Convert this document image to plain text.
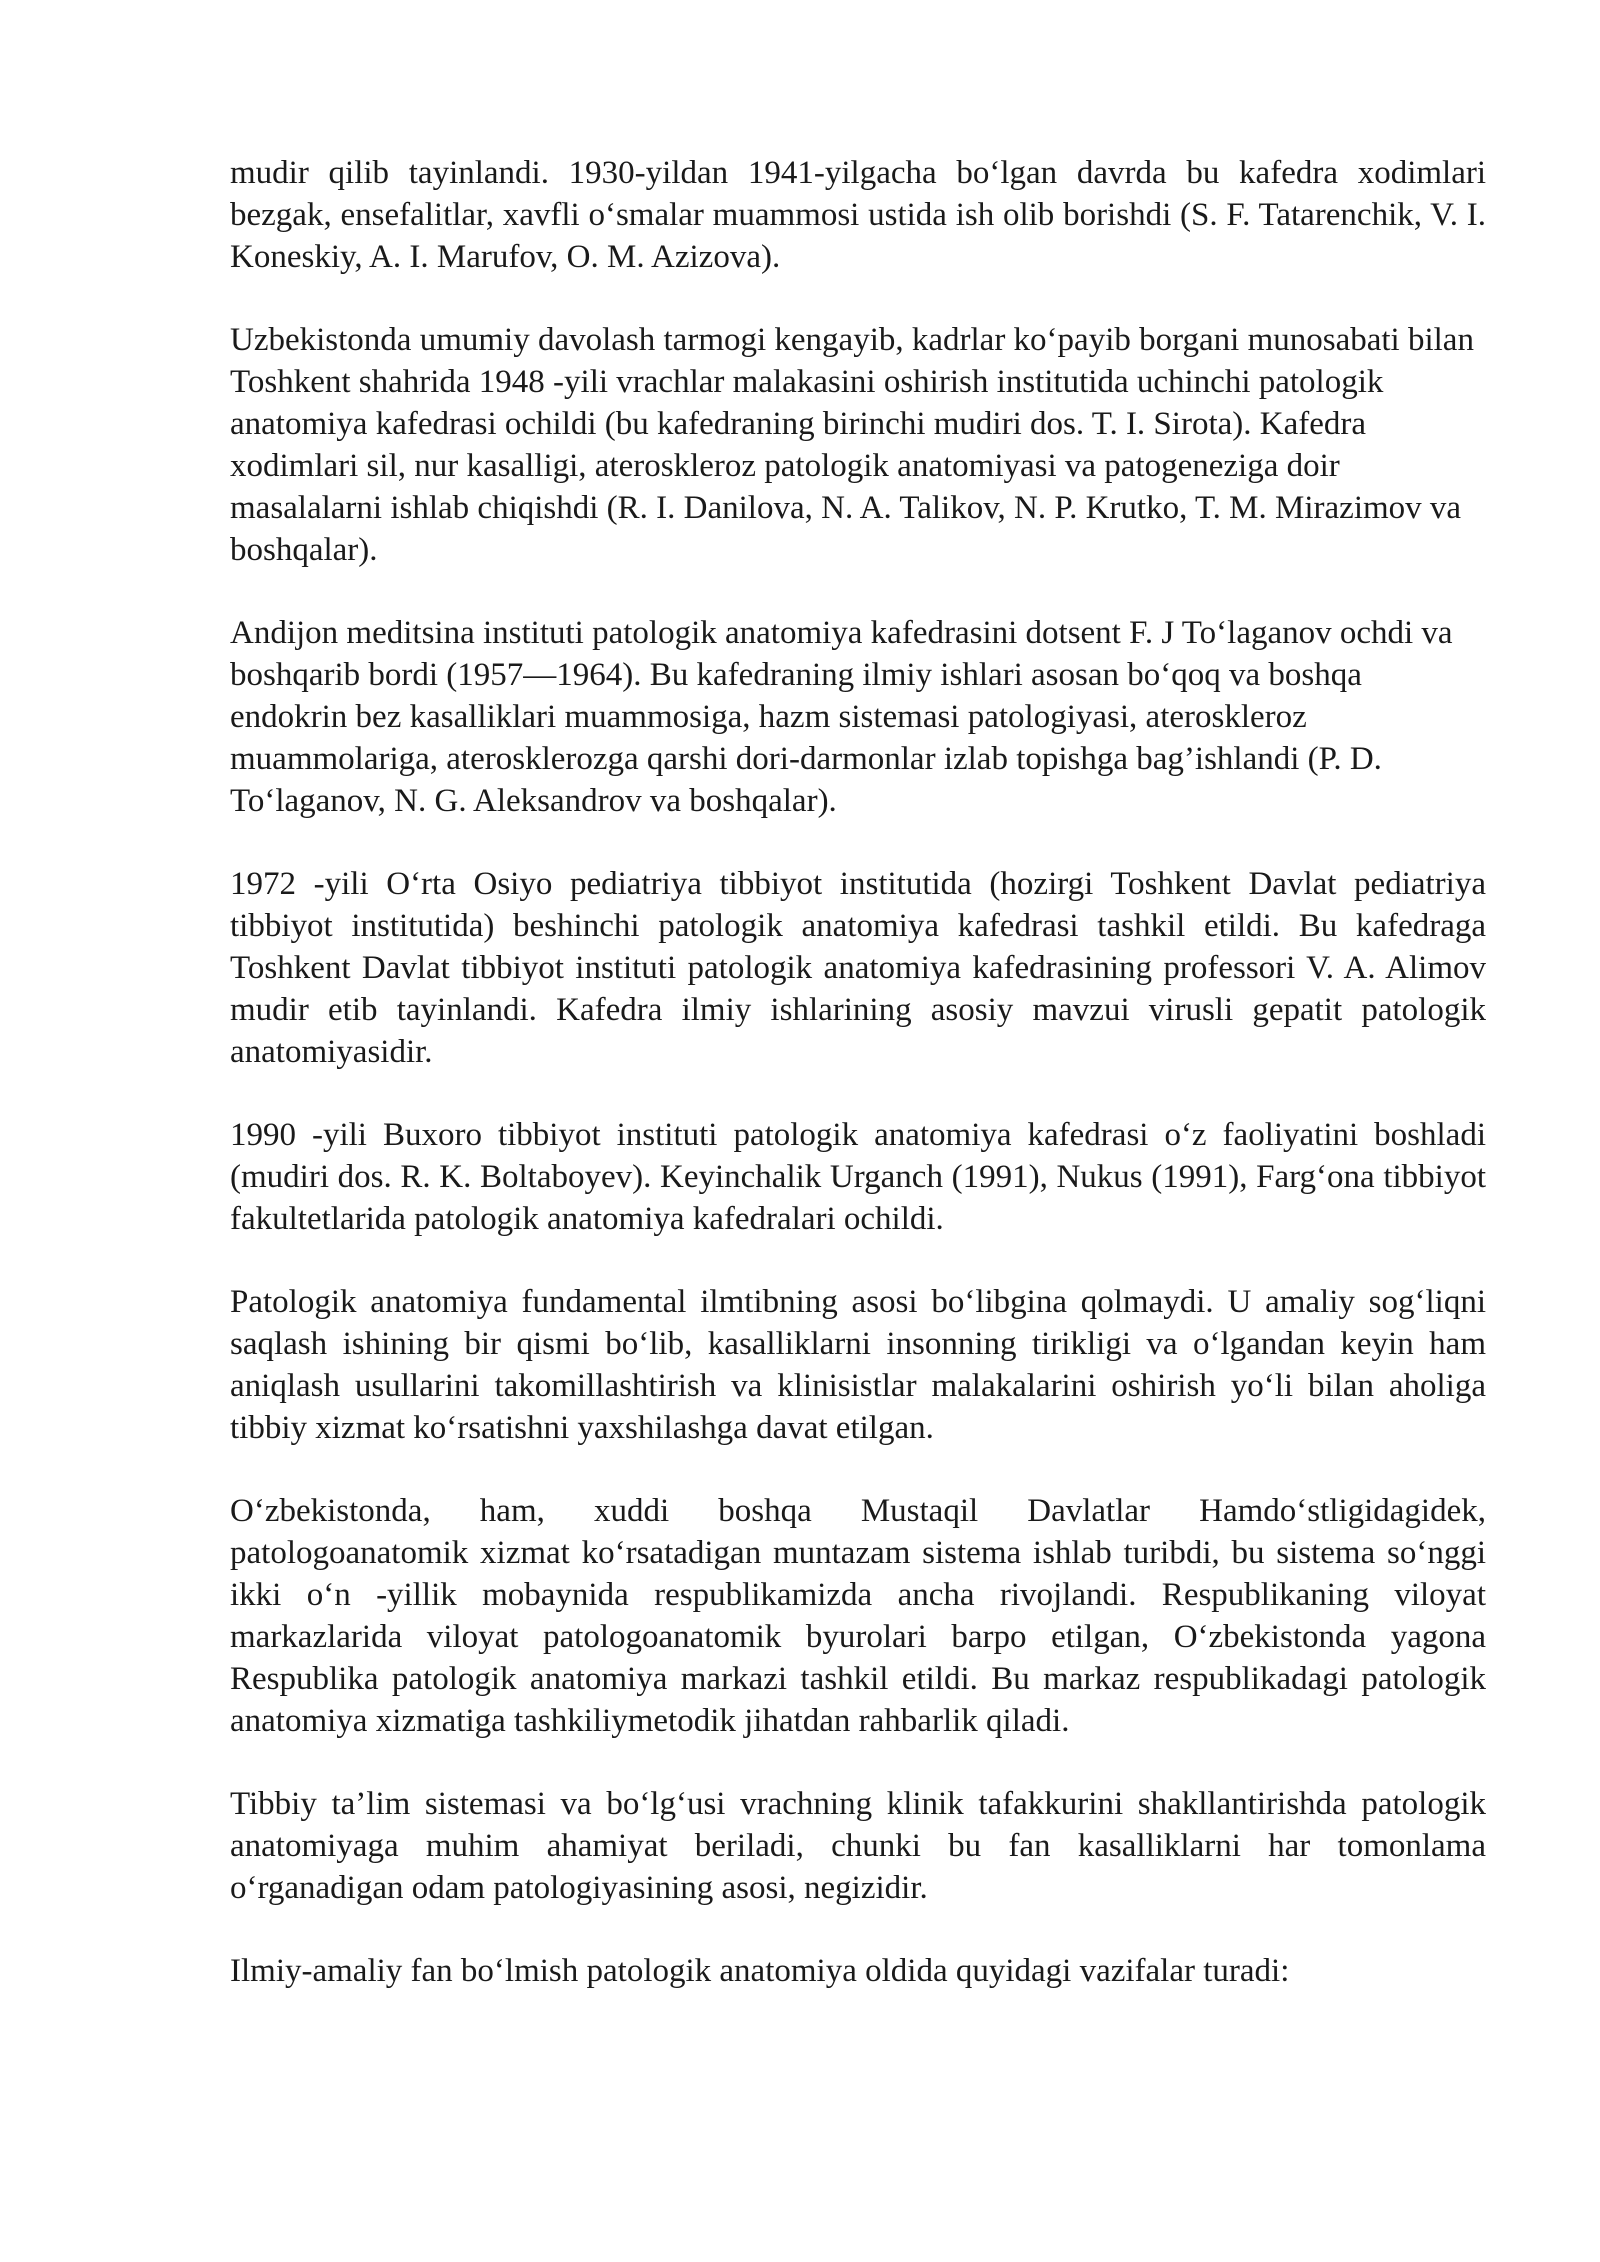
mudir qilib tayinlandi. 1930-yildan 1941-yilgacha boʻlgan davrda bu kafedra xodimlari bezgak, ensefalitlar, xavfli oʻsmalar muammosi ustida ish olib borishdi (S. F. Tatarenchik, V. I. Koneskiy, A. I. Marufov, O. M. Azizova).

Uzbekistonda umumiy davolash tarmogi kengayib, kadrlar koʻpayib borgani munosabati bilan Toshkent shahrida 1948 -yili vrachlar malakasini oshirish institutida uchinchi patologik anatomiya kafedrasi ochildi (bu kafedraning birinchi mudiri dos. T. I. Sirota). Kafedra xodimlari sil, nur kasalligi, ateroskleroz patologik anatomiyasi va patogeneziga doir masalalarni ishlab chiqishdi (R. I. Danilova, N. A. Talikov, N. P. Krutko, T. M. Mirazimov va boshqalar).

Andijon meditsina instituti patologik anatomiya kafedrasini dotsent F. J Toʻlaganov ochdi va boshqarib bordi (1957—1964). Bu kafedraning ilmiy ishlari asosan boʻqoq va boshqa endokrin bez kasalliklari muammosiga, hazm sistemasi patologiyasi, ateroskleroz muammolariga, aterosklerozga qarshi dori-darmonlar izlab topishga bag’ishlandi (P. D. Toʻlaganov, N. G. Aleksandrov va boshqalar).

1972 -yili Oʻrta Osiyo pediatriya tibbiyot institutida (hozirgi Toshkent Davlat pediatriya tibbiyot institutida) beshinchi patologik anatomiya kafedrasi tashkil etildi. Bu kafedraga Toshkent Davlat tibbiyot instituti patologik anatomiya kafedrasining professori V. A. Alimov mudir etib tayinlandi. Kafedra ilmiy ishlarining asosiy mavzui virusli gepatit patologik anatomiyasidir.

1990 -yili Buxoro tibbiyot instituti patologik anatomiya kafedrasi oʻz faoliyatini boshladi (mudiri dos. R. K. Boltaboyev). Keyinchalik Urganch (1991), Nukus (1991), Fargʻona tibbiyot fakultetlarida patologik anatomiya kafedralari ochildi.

Patologik anatomiya fundamental ilmtibning asosi boʻlibgina qolmaydi. U amaliy sogʻliqni saqlash ishining bir qismi boʻlib, kasalliklarni insonning tirikligi va oʻlgandan keyin ham aniqlash usullarini takomillashtirish va klinisistlar malakalarini oshirish yoʻli bilan aholiga tibbiy xizmat koʻrsatishni yaxshilashga davat etilgan.

Oʻzbekistonda, ham, xuddi boshqa Mustaqil Davlatlar Hamdoʻstligidagidek, patologoanatomik xizmat koʻrsatadigan muntazam sistema ishlab turibdi, bu sistema soʻnggi ikki oʻn -yillik mobaynida respublikamizda ancha rivojlandi. Respublikaning viloyat markazlarida viloyat patologoanatomik byurolari barpo etilgan, Oʻzbekistonda yagona Respublika patologik anatomiya markazi tashkil etildi. Bu markaz respublikadagi patologik anatomiya xizmatiga tashkiliymetodik jihatdan rahbarlik qiladi.

Tibbiy ta’lim sistemasi va boʻlgʻusi vrachning klinik tafakkurini shakllantirishda patologik anatomiyaga muhim ahamiyat beriladi, chunki bu fan kasalliklarni har tomonlama oʻrganadigan odam patologiyasining asosi, negizidir.

Ilmiy-amaliy fan boʻlmish patologik anatomiya oldida quyidagi vazifalar turadi:
